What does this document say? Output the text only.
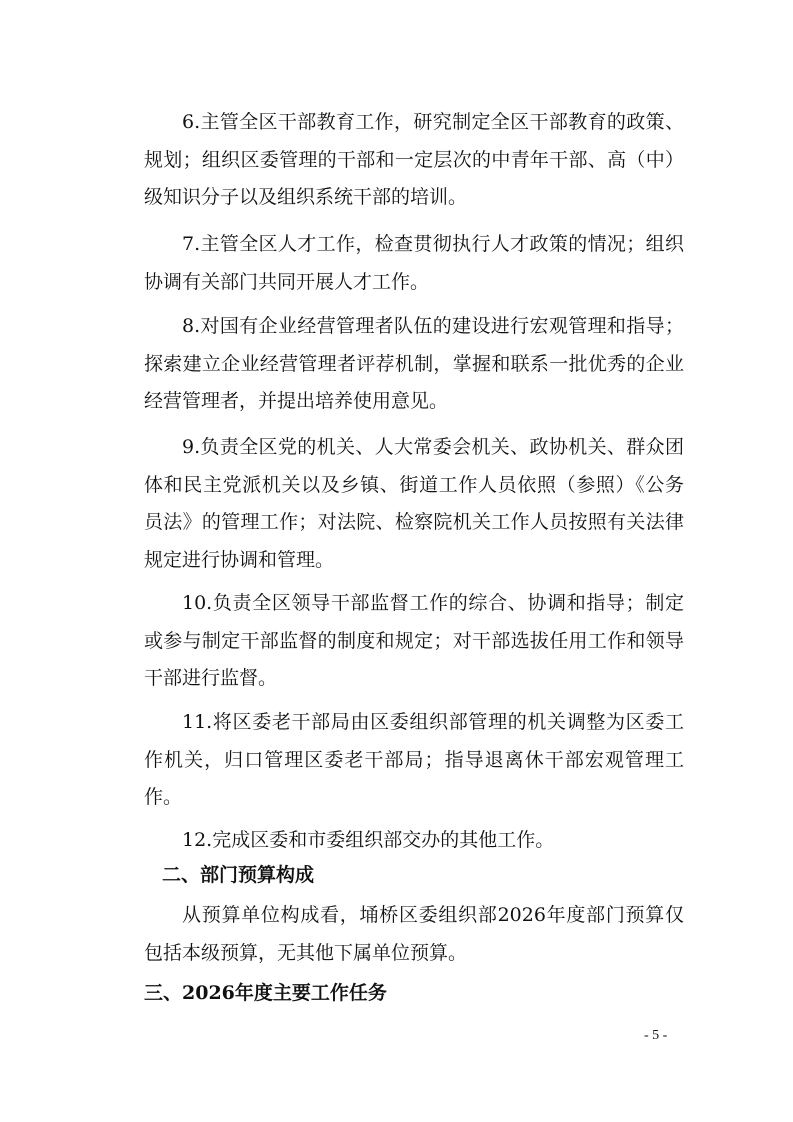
6.主管全区干部教育工作，研究制定全区干部教育的政策、规划；组织区委管理的干部和一定层次的中青年干部、高（中）级知识分子以及组织系统干部的培训。

7.主管全区人才工作，检查贯彻执行人才政策的情况；组织协调有关部门共同开展人才工作。

8.对国有企业经营管理者队伍的建设进行宏观管理和指导；探索建立企业经营管理者评荐机制，掌握和联系一批优秀的企业经营管理者，并提出培养使用意见。

9.负责全区党的机关、人大常委会机关、政协机关、群众团体和民主党派机关以及乡镇、街道工作人员依照（参照）《公务员法》的管理工作；对法院、检察院机关工作人员按照有关法律规定进行协调和管理。

10.负责全区领导干部监督工作的综合、协调和指导；制定或参与制定干部监督的制度和规定；对干部选拔任用工作和领导干部进行监督。

11.将区委老干部局由区委组织部管理的机关调整为区委工作机关，归口管理区委老干部局；指导退离休干部宏观管理工作。

12.完成区委和市委组织部交办的其他工作。

二、部门预算构成

从预算单位构成看，埇桥区委组织部2026年度部门预算仅包括本级预算，无其他下属单位预算。

三、2026年度主要工作任务
- 5 -
